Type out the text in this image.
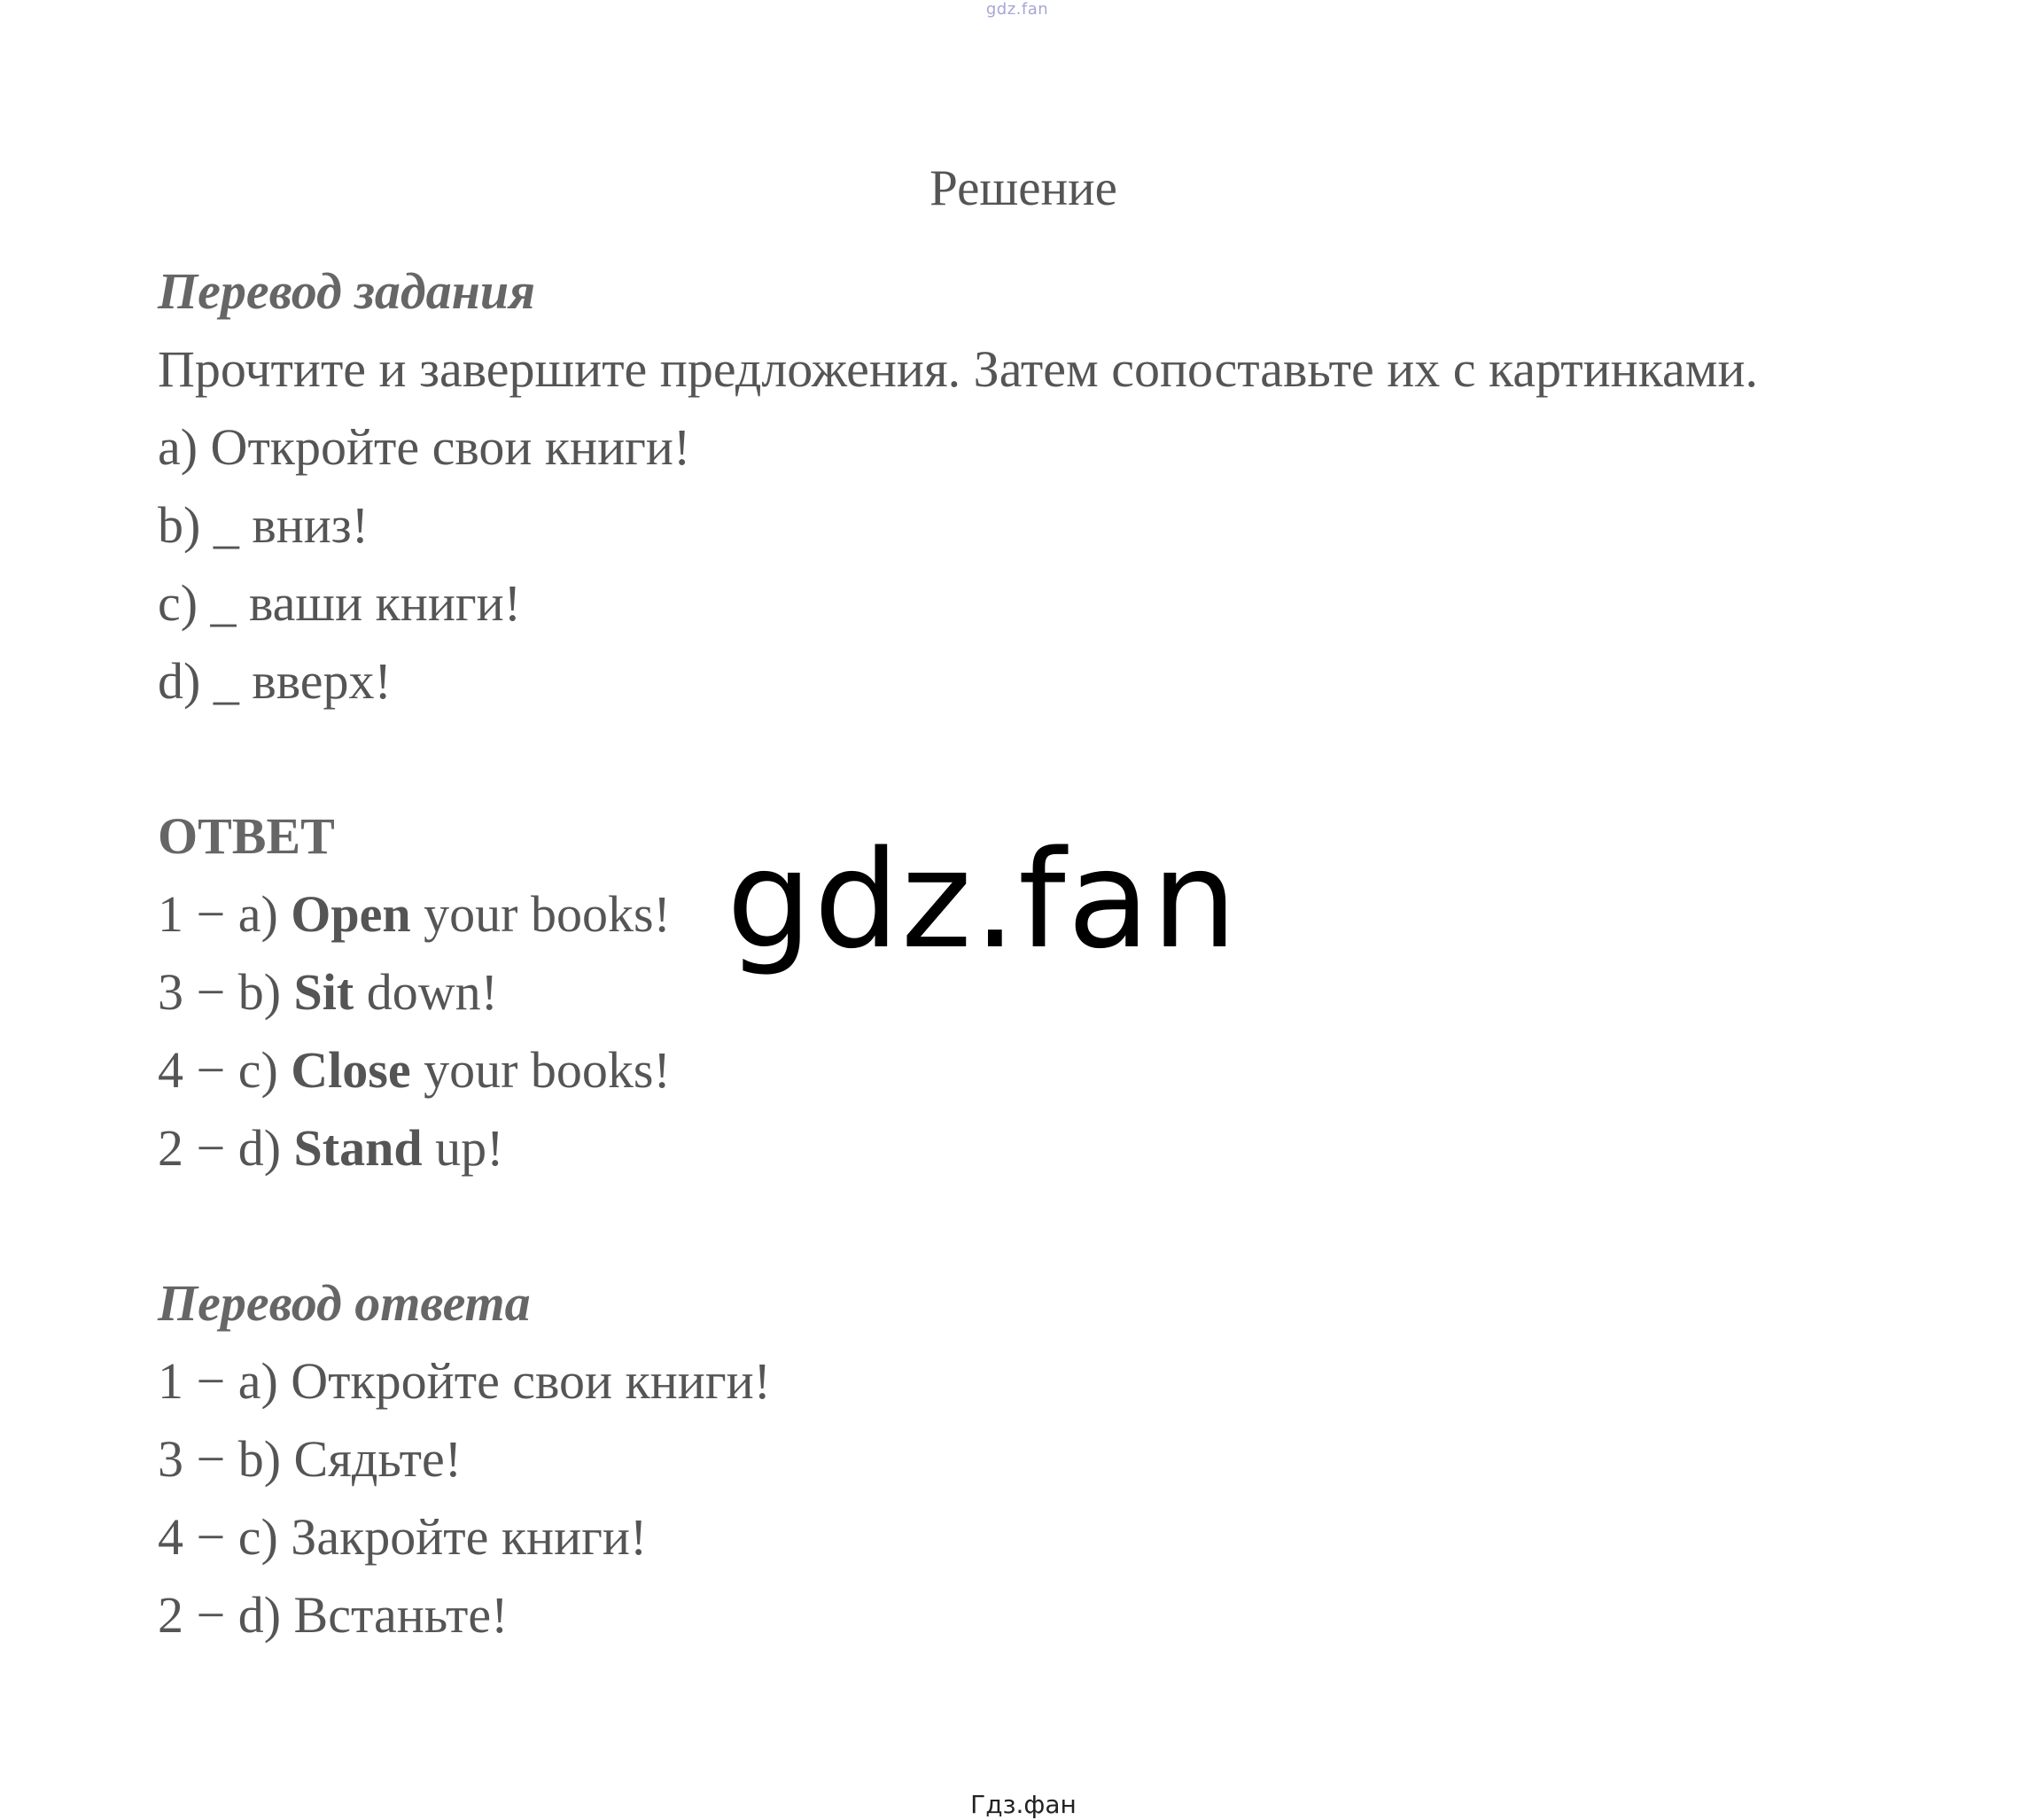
gdz.fan
Решение
Перевод задания
Прочтите и завершите предложения. Затем сопоставьте их с картинками.
a) Откройте свои книги!
b) _ вниз!
c) _ ваши книги!
d) _ вверх!
ОТВЕТ
1 − a) Open your books!
3 − b) Sit down!
4 − c) Close your books!
2 − d) Stand up!
Перевод ответа
1 − a) Откройте свои книги!
3 − b) Сядьте!
4 − c) Закройте книги!
2 − d) Встаньте!
gdz.fan
Гдз.фан
